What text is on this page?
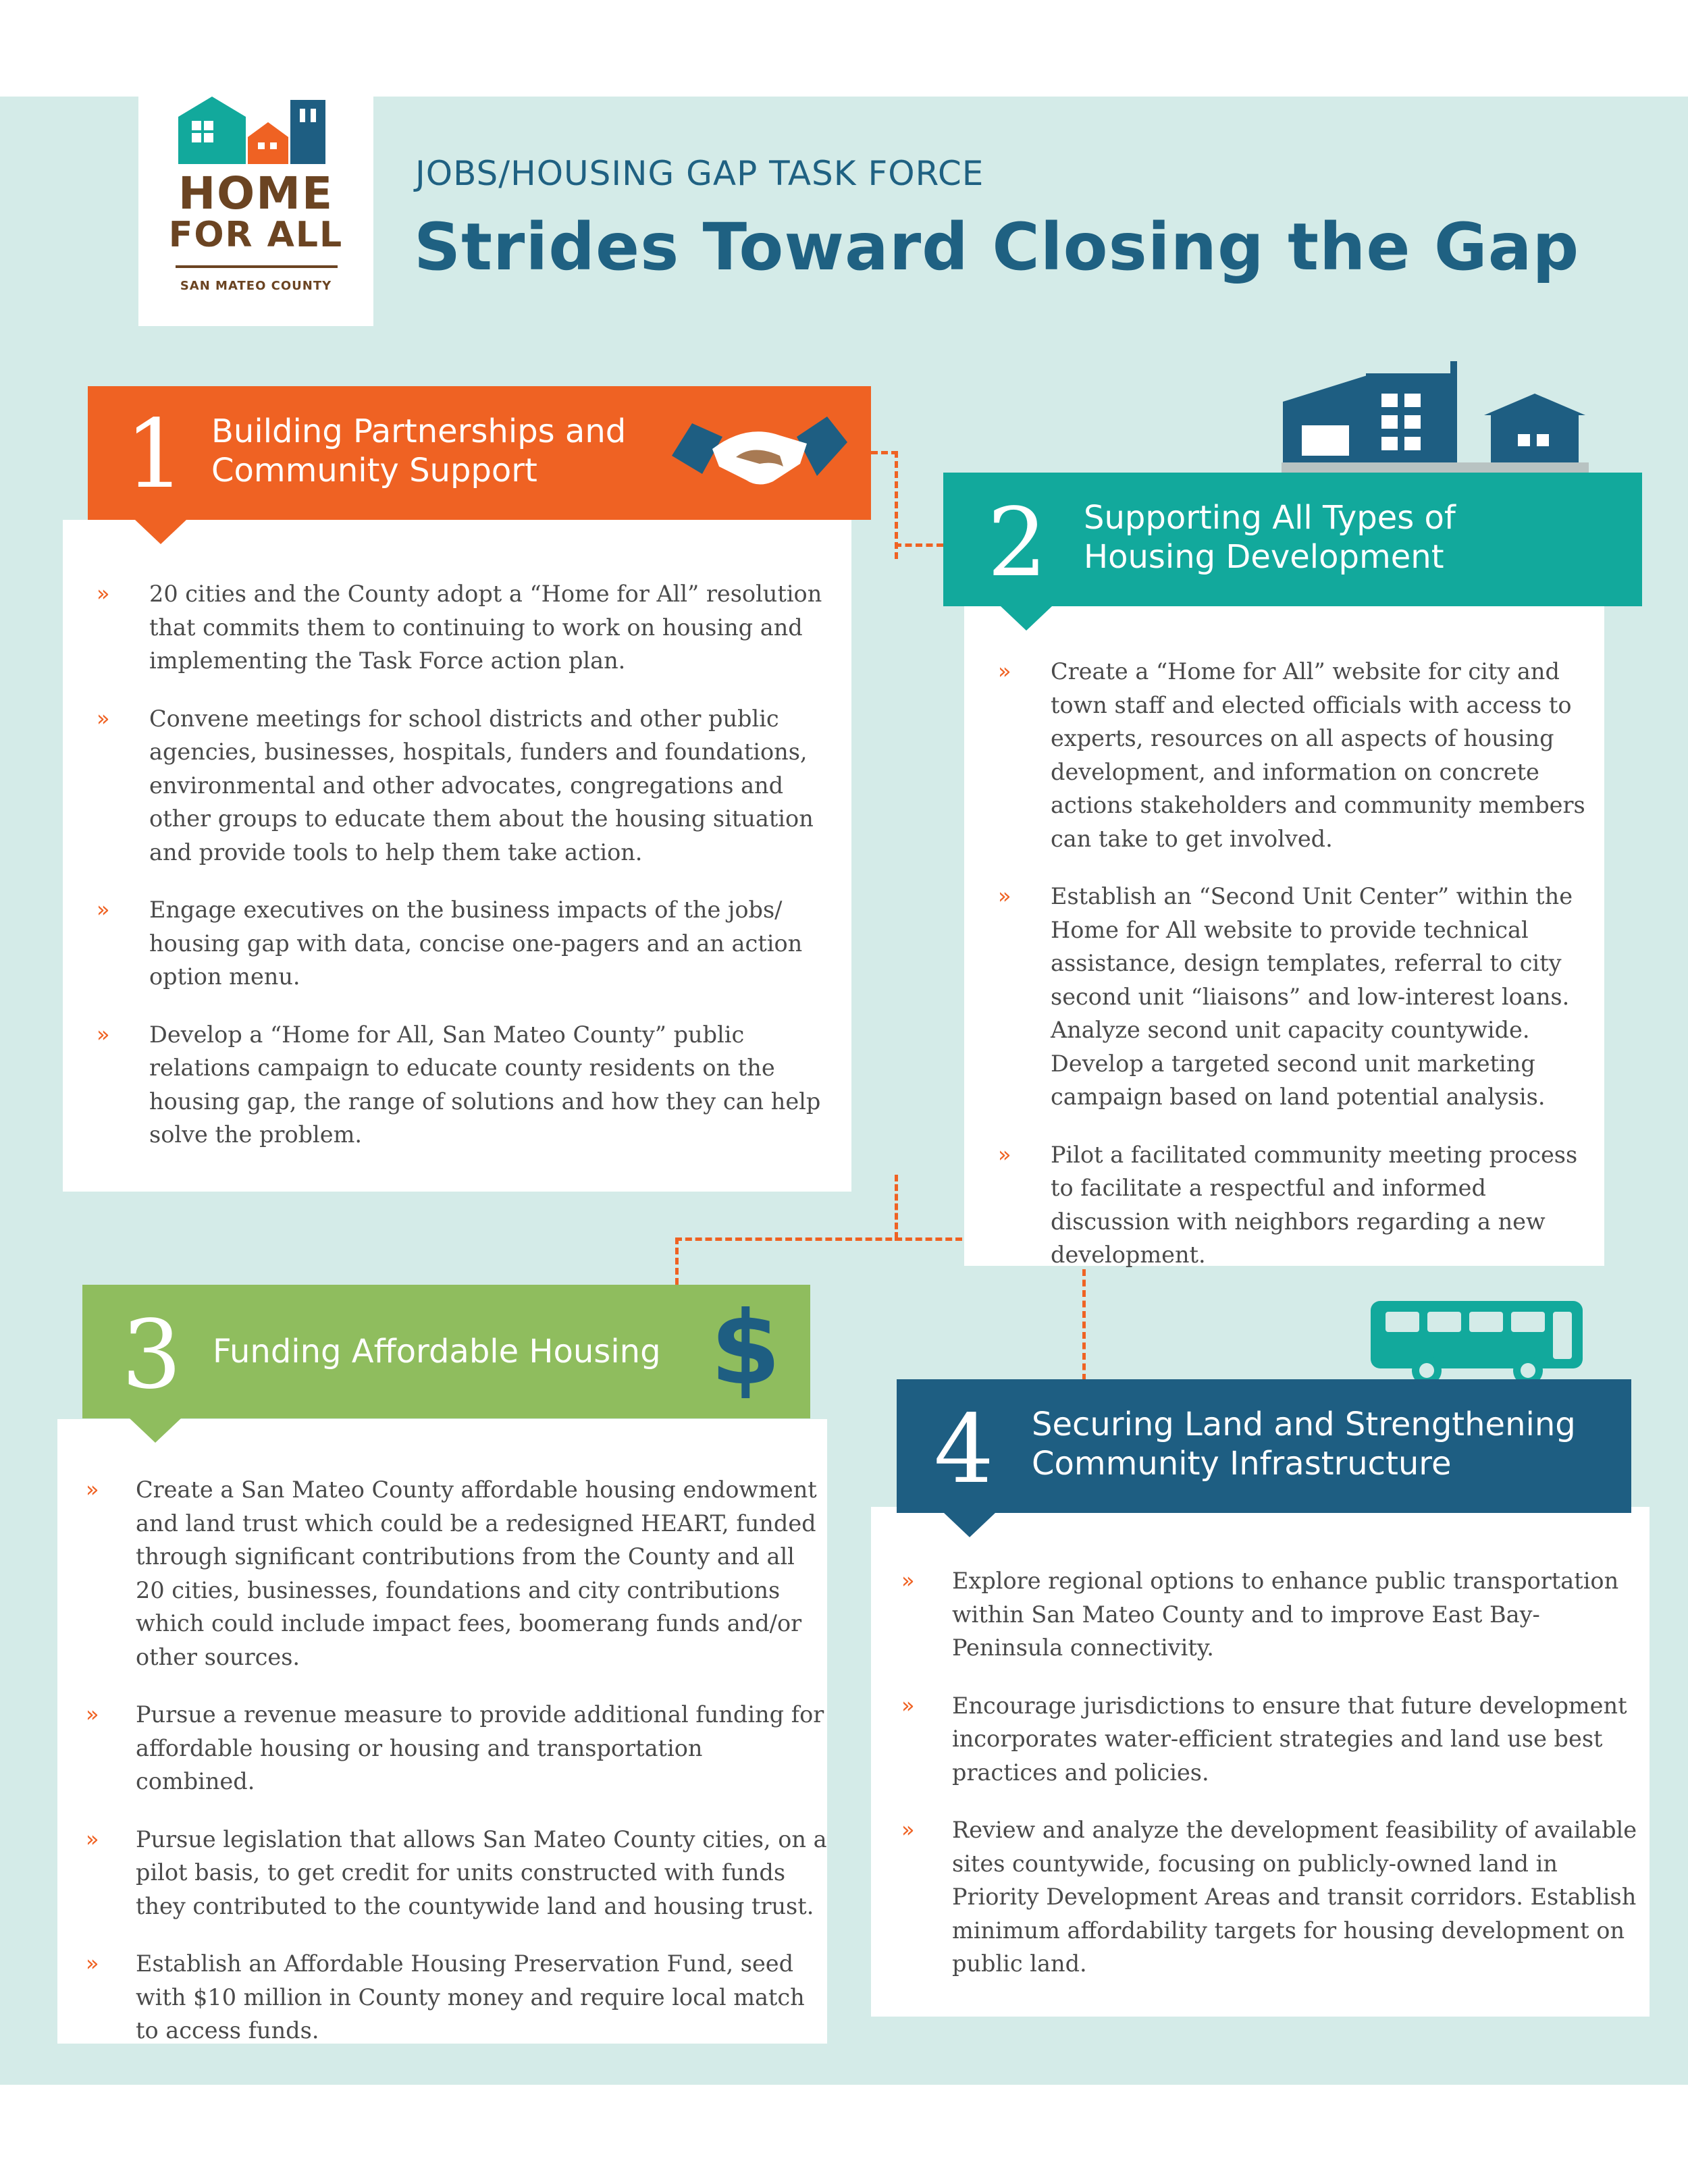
HOME
FOR ALL
SAN MATEO COUNTY
JOBS/HOUSING GAP TASK FORCE
Strides Toward Closing the Gap
» 20 cities and the County adopt a “Home for All” resolution that commits them to continuing to work on housing and implementing the Task Force action plan.
» Convene meetings for school districts and other public agencies, businesses, hospitals, funders and foundations, environmental and other advocates, congregations and other groups to educate them about the housing situation and provide tools to help them take action.
» Engage executives on the business impacts of the jobs/ housing gap with data, concise one-pagers and an action option menu.
» Develop a “Home for All, San Mateo County” public relations campaign to educate county residents on the housing gap, the range of solutions and how they can help solve the problem.
1 Building Partnerships and
Community Support
» Create a “Home for All” website for city and town staff and elected officials with access to experts, resources on all aspects of housing development, and information on concrete actions stakeholders and community members can take to get involved.
» Establish an “Second Unit Center” within the Home for All website to provide technical assistance, design templates, referral to city second unit “liaisons” and low-interest loans. Analyze second unit capacity countywide. Develop a targeted second unit marketing campaign based on land potential analysis.
» Pilot a facilitated community meeting process to facilitate a respectful and informed discussion with neighbors regarding a new development.
2 Supporting All Types of
Housing Development
» Create a San Mateo County affordable housing endowment and land trust which could be a redesigned HEART, funded through significant contributions from the County and all 20 cities, businesses, foundations and city contributions which could include impact fees, boomerang funds and/or other sources.
» Pursue a revenue measure to provide additional funding for affordable housing or housing and transportation combined.
» Pursue legislation that allows San Mateo County cities, on a pilot basis, to get credit for units constructed with funds they contributed to the countywide land and housing trust.
» Establish an Affordable Housing Preservation Fund, seed with $10 million in County money and require local match to access funds.
3 Funding Affordable Housing $
» Explore regional options to enhance public transportation within San Mateo County and to improve East Bay-Peninsula connectivity.
» Encourage jurisdictions to ensure that future development incorporates water-efficient strategies and land use best practices and policies.
» Review and analyze the development feasibility of available sites countywide, focusing on publicly-owned land in Priority Development Areas and transit corridors. Establish minimum affordability targets for housing development on public land.
4 Securing Land and Strengthening
Community Infrastructure
